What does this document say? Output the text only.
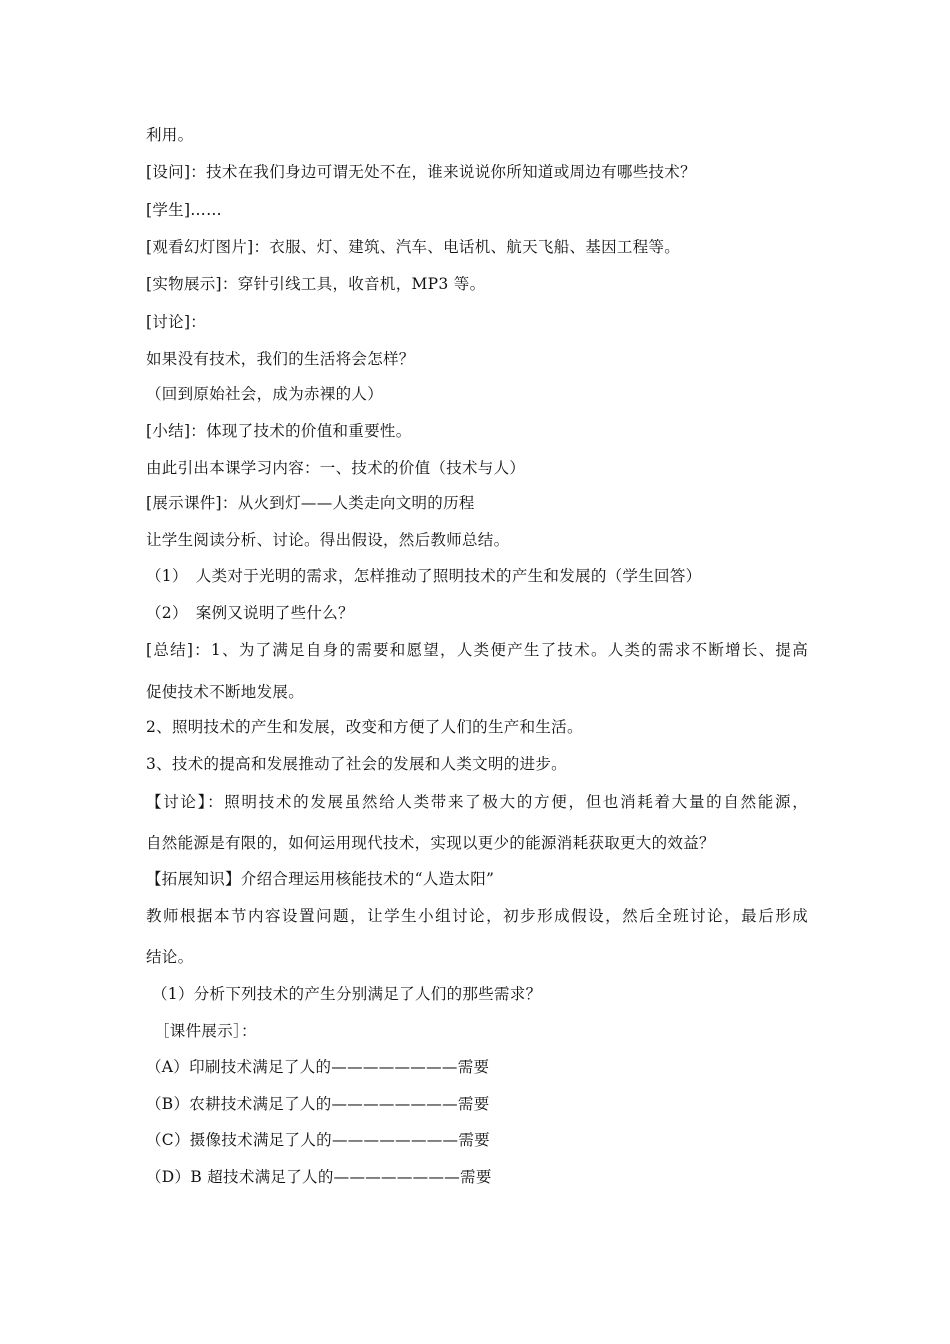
利用。
[设问]：技术在我们身边可谓无处不在，谁来说说你所知道或周边有哪些技术？
[学生]……
[观看幻灯图片]：衣服、灯、建筑、汽车、电话机、航天飞船、基因工程等。
[实物展示]：穿针引线工具，收音机，MP3 等。
[讨论]：
如果没有技术，我们的生活将会怎样？
（回到原始社会，成为赤裸的人）
[小结]：体现了技术的价值和重要性。
由此引出本课学习内容：一、技术的价值（技术与人）
[展示课件]：从火到灯——人类走向文明的历程
让学生阅读分析、讨论。得出假设，然后教师总结。
（1）　人类对于光明的需求，怎样推动了照明技术的产生和发展的（学生回答）
（2）　案例又说明了些什么？
[总结]：1、为了满足自身的需要和愿望，人类便产生了技术。人类的需求不断增长、提高
促使技术不断地发展。
2、照明技术的产生和发展，改变和方便了人们的生产和生活。
3、技术的提高和发展推动了社会的发展和人类文明的进步。
【讨论】：照明技术的发展虽然给人类带来了极大的方便，但也消耗着大量的自然能源，
自然能源是有限的，如何运用现代技术，实现以更少的能源消耗获取更大的效益？
【拓展知识】介绍合理运用核能技术的“人造太阳”
教师根据本节内容设置问题，让学生小组讨论，初步形成假设，然后全班讨论，最后形成
结论。
（1）分析下列技术的产生分别满足了人们的那些需求？
［课件展示］：
（A）印刷技术满足了人的————————需要
（B）农耕技术满足了人的————————需要
（C）摄像技术满足了人的————————需要
（D）B 超技术满足了人的————————需要
